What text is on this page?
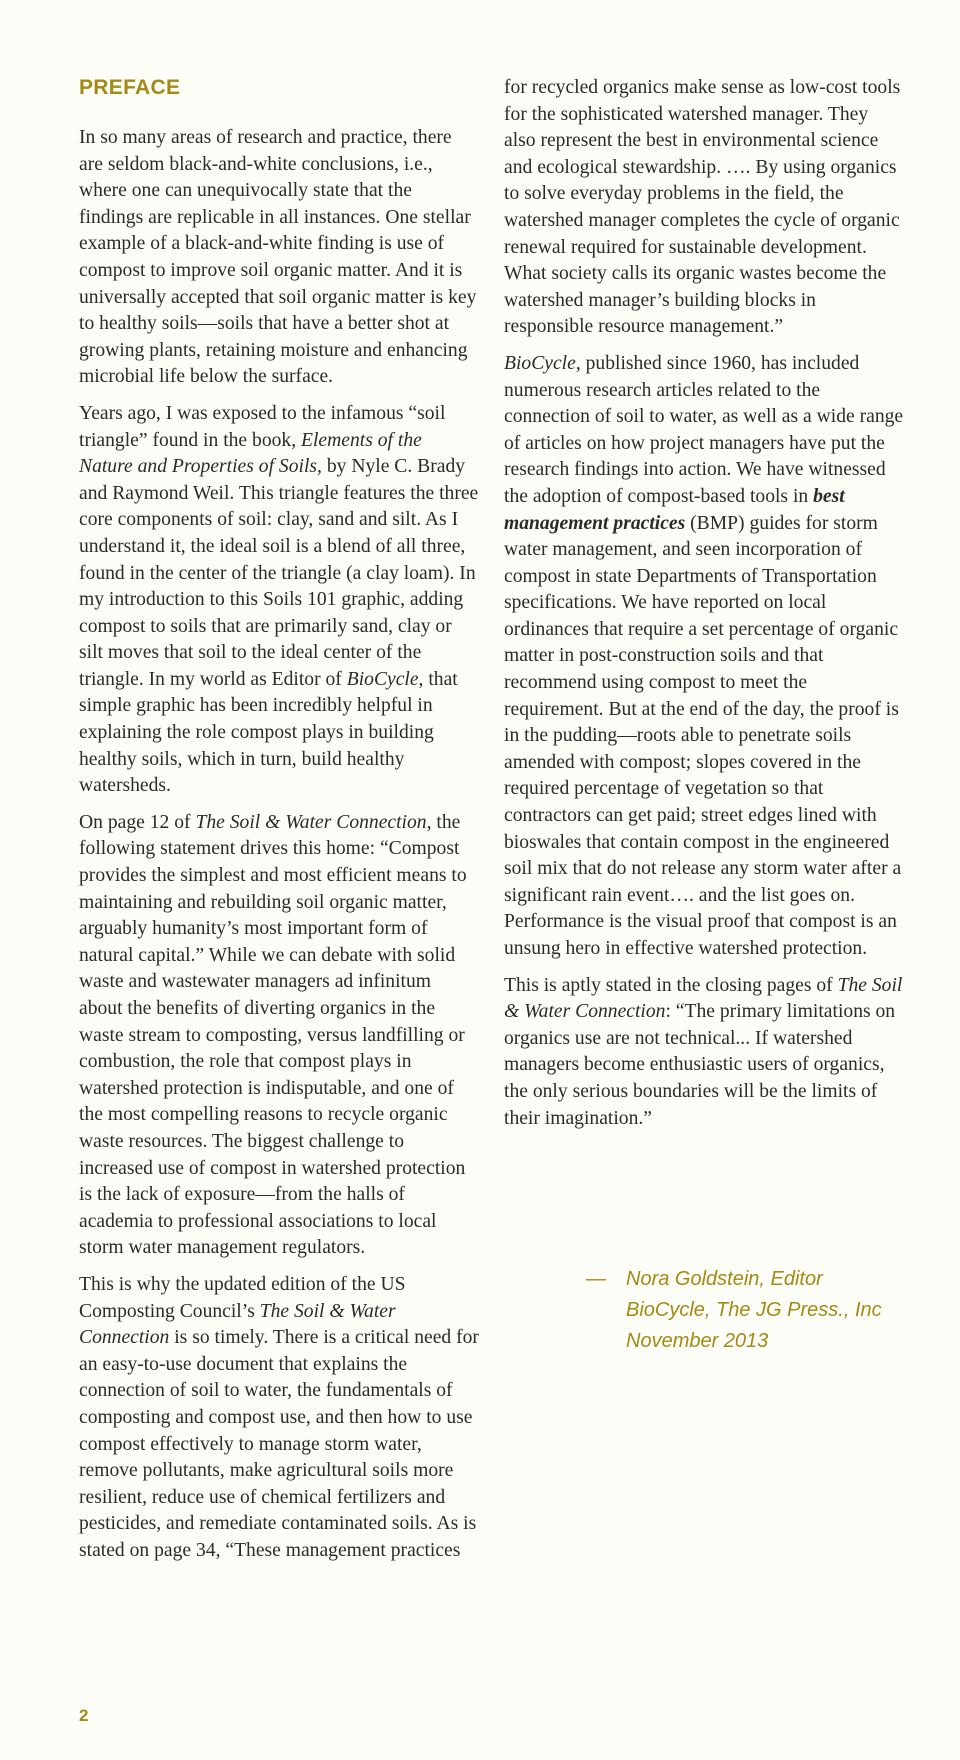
PREFACE

In so many areas of research and practice, there are seldom black-and-white conclusions, i.e., where one can unequivocally state that the findings are replicable in all instances. One stellar example of a black-and-white finding is use of compost to improve soil organic matter. And it is universally accepted that soil organic matter is key to healthy soils—soils that have a better shot at growing plants, retaining moisture and enhancing microbial life below the surface.

Years ago, I was exposed to the infamous “soil triangle” found in the book, Elements of the Nature and Properties of Soils, by Nyle C. Brady and Raymond Weil. This triangle features the three core components of soil: clay, sand and silt. As I understand it, the ideal soil is a blend of all three, found in the center of the triangle (a clay loam). In my introduction to this Soils 101 graphic, adding compost to soils that are primarily sand, clay or silt moves that soil to the ideal center of the triangle. In my world as Editor of BioCycle, that simple graphic has been incredibly helpful in explaining the role compost plays in building healthy soils, which in turn, build healthy watersheds.

On page 12 of The Soil & Water Connection, the following statement drives this home: “Compost provides the simplest and most efficient means to maintaining and rebuilding soil organic matter, arguably humanity’s most important form of natural capital.” While we can debate with solid waste and wastewater managers ad infinitum about the benefits of diverting organics in the waste stream to composting, versus landfilling or combustion, the role that compost plays in watershed protection is indisputable, and one of the most compelling reasons to recycle organic waste resources. The biggest challenge to increased use of compost in watershed protection is the lack of exposure—from the halls of academia to professional associations to local storm water management regulators.

This is why the updated edition of the US Composting Council’s The Soil & Water Connection is so timely. There is a critical need for an easy-to-use document that explains the connection of soil to water, the fundamentals of composting and compost use, and then how to use compost effectively to manage storm water, remove pollutants, make agricultural soils more resilient, reduce use of chemical fertilizers and pesticides, and remediate contaminated soils. As is stated on page 34, “These management practices

for recycled organics make sense as low-cost tools for the sophisticated watershed manager. They also represent the best in environmental science and ecological stewardship. …. By using organics to solve everyday problems in the field, the watershed manager completes the cycle of organic renewal required for sustainable development. What society calls its organic wastes become the watershed manager’s building blocks in responsible resource management.”

BioCycle, published since 1960, has included numerous research articles related to the connection of soil to water, as well as a wide range of articles on how project managers have put the research findings into action. We have witnessed the adoption of compost-based tools in best management practices (BMP) guides for storm water management, and seen incorporation of compost in state Departments of Transportation specifications. We have reported on local ordinances that require a set percentage of organic matter in post-construction soils and that recommend using compost to meet the requirement. But at the end of the day, the proof is in the pudding—roots able to penetrate soils amended with compost; slopes covered in the required percentage of vegetation so that contractors can get paid; street edges lined with bioswales that contain compost in the engineered soil mix that do not release any storm water after a significant rain event…. and the list goes on. Performance is the visual proof that compost is an unsung hero in effective watershed protection.

This is aptly stated in the closing pages of The Soil & Water Connection: “The primary limitations on organics use are not technical... If watershed managers become enthusiastic users of organics, the only serious boundaries will be the limits of their imagination.”

— Nora Goldstein, Editor
BioCycle, The JG Press., Inc
November 2013
2
